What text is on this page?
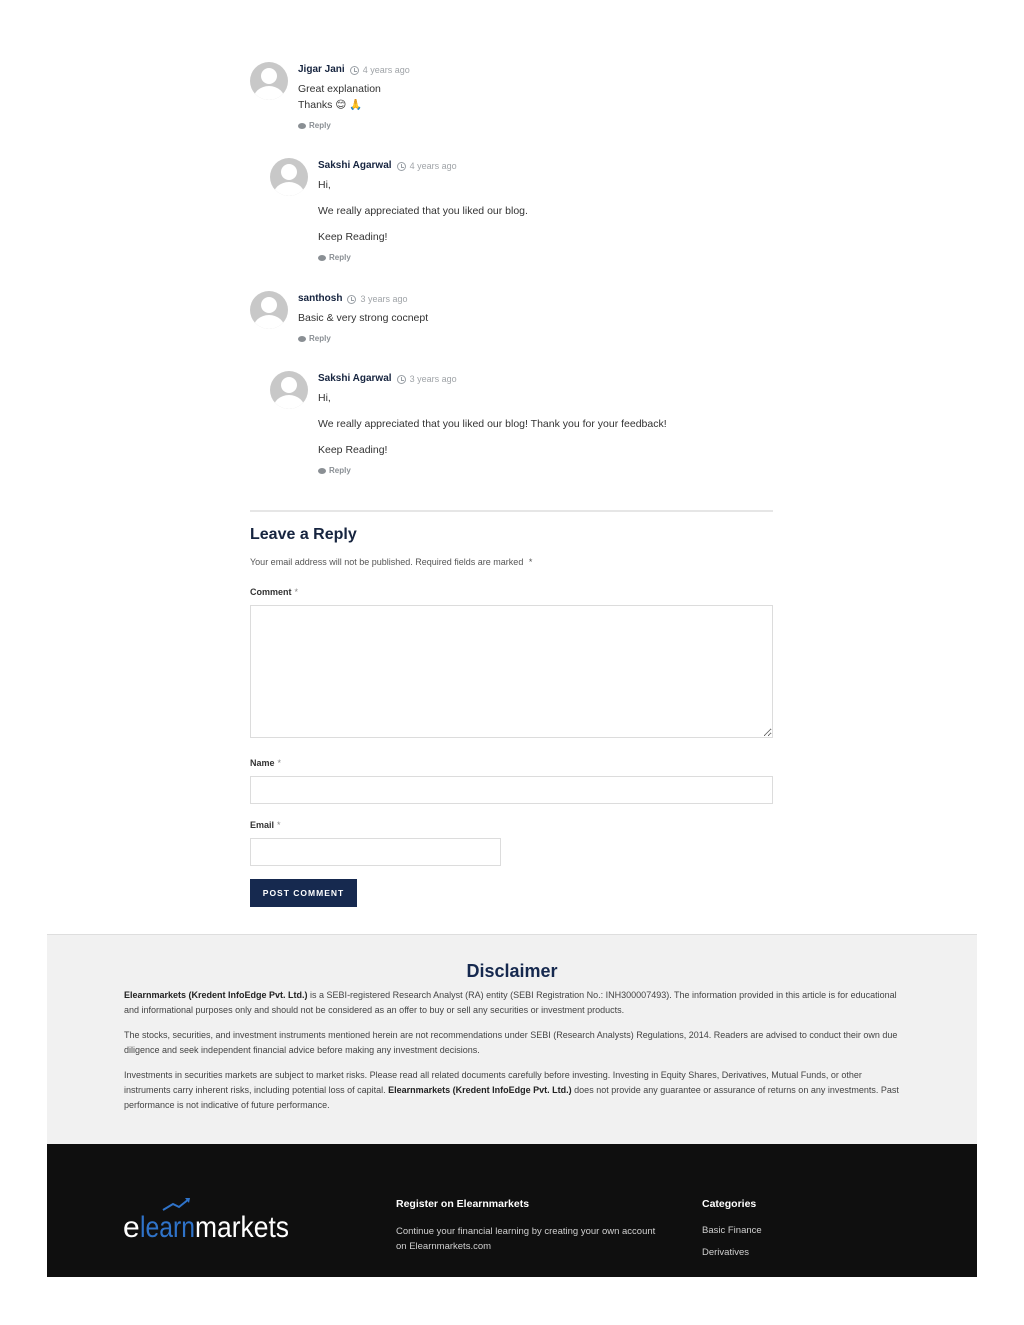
Jigar Jani 4 years ago
Great explanation
Thanks 😊 🙏
Reply
Sakshi Agarwal 4 years ago
Hi,
We really appreciated that you liked our blog.
Keep Reading!
Reply
santhosh 3 years ago
Basic & very strong cocnept
Reply
Sakshi Agarwal 3 years ago
Hi,
We really appreciated that you liked our blog! Thank you for your feedback!
Keep Reading!
Reply
Leave a Reply
Your email address will not be published. Required fields are marked *
Comment *
Name *
Email *
POST COMMENT
Disclaimer
Elearnmarkets (Kredent InfoEdge Pvt. Ltd.) is a SEBI-registered Research Analyst (RA) entity (SEBI Registration No.: INH300007493). The information provided in this article is for educational and informational purposes only and should not be considered as an offer to buy or sell any securities or investment products.
The stocks, securities, and investment instruments mentioned herein are not recommendations under SEBI (Research Analysts) Regulations, 2014. Readers are advised to conduct their own due diligence and seek independent financial advice before making any investment decisions.
Investments in securities markets are subject to market risks. Please read all related documents carefully before investing. Investing in Equity Shares, Derivatives, Mutual Funds, or other instruments carry inherent risks, including potential loss of capital. Elearnmarkets (Kredent InfoEdge Pvt. Ltd.) does not provide any guarantee or assurance of returns on any investments. Past performance is not indicative of future performance.
e learn markets
Register on Elearnmarkets
Continue your financial learning by creating your own account on Elearnmarkets.com
Categories
Basic Finance
Derivatives
